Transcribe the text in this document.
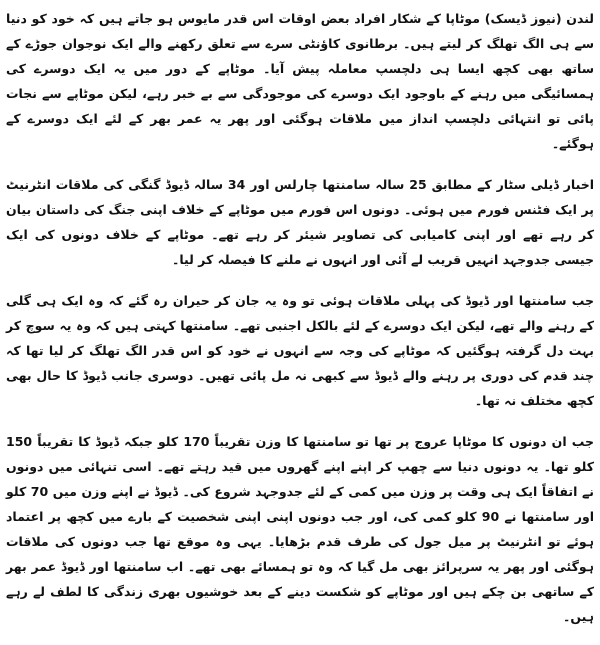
لندن (نیوز ڈیسک) موٹاپا کے شکار افراد بعض اوقات اس قدر مایوس ہو جاتے ہیں کہ خود کو دنیا سے ہی الگ تھلگ کر لیتے ہیں۔ برطانوی کاؤنٹی سرے سے تعلق رکھنے والے ایک نوجوان جوڑے کے ساتھ بھی کچھ ایسا ہی دلچسپ معاملہ پیش آیا۔ موٹاپے کے دور میں یہ ایک دوسرے کی ہمسائیگی میں رہنے کے باوجود ایک دوسرے کی موجودگی سے بے خبر رہے، لیکن موٹاپے سے نجات پائی تو انتہائی دلچسپ انداز میں ملاقات ہوگئی اور پھر یہ عمر بھر کے لئے ایک دوسرے کے ہوگئے۔

اخبار ڈیلی سٹار کے مطابق 25 سالہ سامنتھا چارلس اور 34 سالہ ڈیوڈ گنگی کی ملاقات انٹرنیٹ پر ایک فٹنس فورم میں ہوئی۔ دونوں اس فورم میں موٹاپے کے خلاف اپنی جنگ کی داستان بیان کر رہے تھے اور اپنی کامیابی کی تصاویر شیئر کر رہے تھے۔ موٹاپے کے خلاف دونوں کی ایک جیسی جدوجہد انہیں قریب لے آئی اور انہوں نے ملنے کا فیصلہ کر لیا۔

جب سامنتھا اور ڈیوڈ کی پہلی ملاقات ہوئی تو وہ یہ جان کر حیران رہ گئے کہ وہ ایک ہی گلی کے رہنے والے تھے، لیکن ایک دوسرے کے لئے بالکل اجنبی تھے۔ سامنتھا کہتی ہیں کہ وہ یہ سوچ کر بہت دل گرفتہ ہوگئیں کہ موٹاپے کی وجہ سے انہوں نے خود کو اس قدر الگ تھلگ کر لیا تھا کہ چند قدم کی دوری پر رہنے والے ڈیوڈ سے کبھی نہ مل پائی تھیں۔ دوسری جانب ڈیوڈ کا حال بھی کچھ مختلف نہ تھا۔

جب ان دونوں کا موٹاپا عروج پر تھا تو سامنتھا کا وزن تقریباً 170 کلو جبکہ ڈیوڈ کا تقریباً 150 کلو تھا۔ یہ دونوں دنیا سے چھپ کر اپنے اپنے گھروں میں قید رہتے تھے۔ اسی تنہائی میں دونوں نے اتفاقاً ایک ہی وقت پر وزن میں کمی کے لئے جدوجہد شروع کی۔ ڈیوڈ نے اپنے وزن میں 70 کلو اور سامنتھا نے 90 کلو کمی کی، اور جب دونوں اپنی اپنی شخصیت کے بارے میں کچھ پر اعتماد ہوئے تو انٹرنیٹ پر میل جول کی طرف قدم بڑھایا۔ یہی وہ موقع تھا جب دونوں کی ملاقات ہوگئی اور پھر یہ سرپرائز بھی مل گیا کہ وہ تو ہمسائے بھی تھے۔ اب سامنتھا اور ڈیوڈ عمر بھر کے ساتھی بن چکے ہیں اور موٹاپے کو شکست دینے کے بعد خوشیوں بھری زندگی کا لطف لے رہے ہیں۔
